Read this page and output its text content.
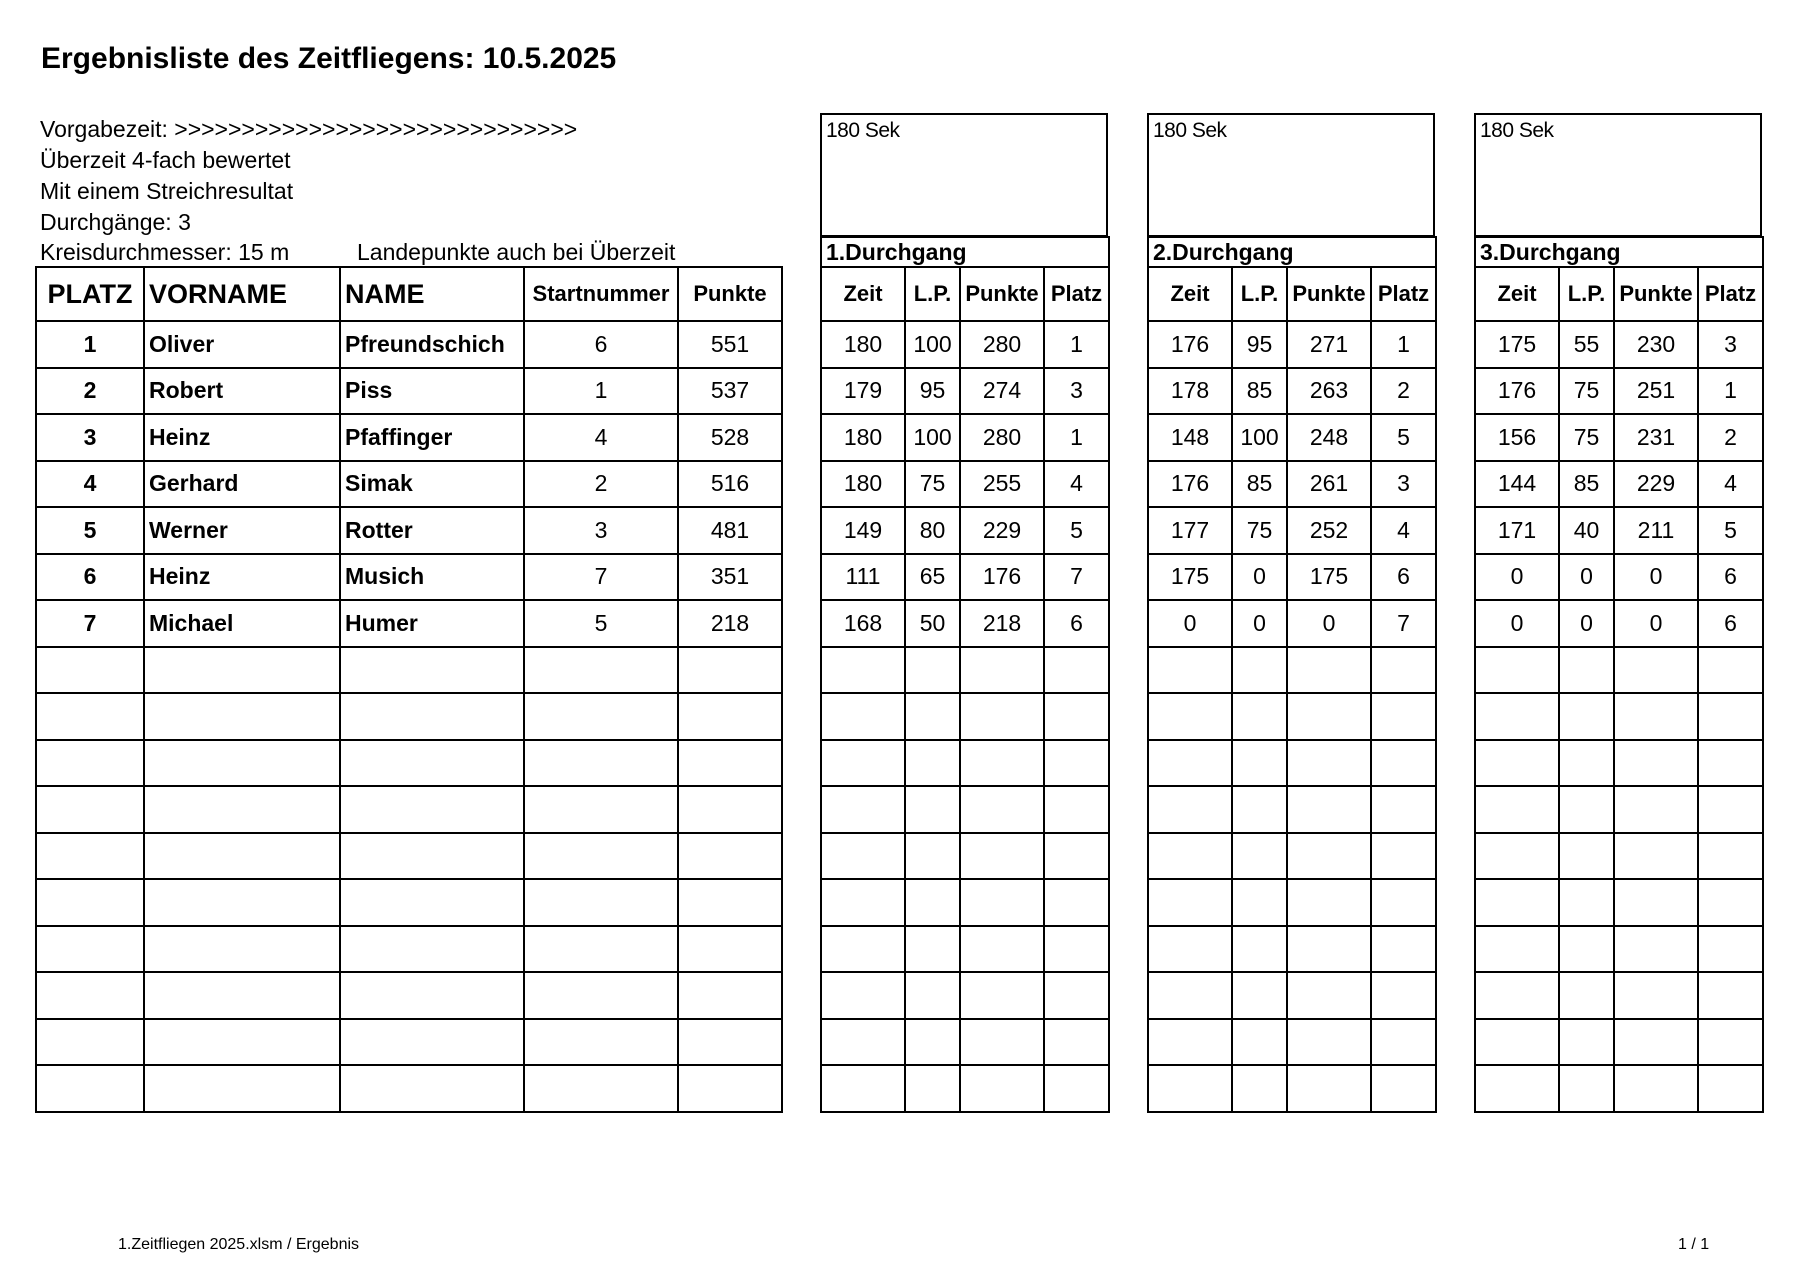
Ergebnisliste des Zeitfliegens: 10.5.2025
Vorgabezeit: >>>>>>>>>>>>>>>>>>>>>>>>>>>>>>
Überzeit 4-fach bewertet
Mit einem Streichresultat
Durchgänge: 3
Kreisdurchmesser: 15 m	Landepunkte auch bei Überzeit
PLATZ	VORNAME	NAME	Startnummer	Punkte
1	Oliver	Pfreundschich	6	551
2	Robert	Piss	1	537
3	Heinz	Pfaffinger	4	528
4	Gerhard	Simak	2	516
5	Werner	Rotter	3	481
6	Heinz	Musich	7	351
7	Michael	Humer	5	218

180 Sek	180 Sek	180 Sek
1.Durchgang			
Zeit	L.P.	Punkte	Platz
180	100	280	1
179	95	274	3
180	100	280	1
180	75	255	4
149	80	229	5
111	65	176	7
168	50	218	6

2.Durchgang			
Zeit	L.P.	Punkte	Platz
176	95	271	1
178	85	263	2
148	100	248	5
176	85	261	3
177	75	252	4
175	0	175	6
0	0	0	7

3.Durchgang			
Zeit	L.P.	Punkte	Platz
175	55	230	3
176	75	251	1
156	75	231	2
144	85	229	4
171	40	211	5
0	0	0	6
0	0	0	6

1.Zeitfliegen 2025.xlsm / Ergebnis	1 / 1
